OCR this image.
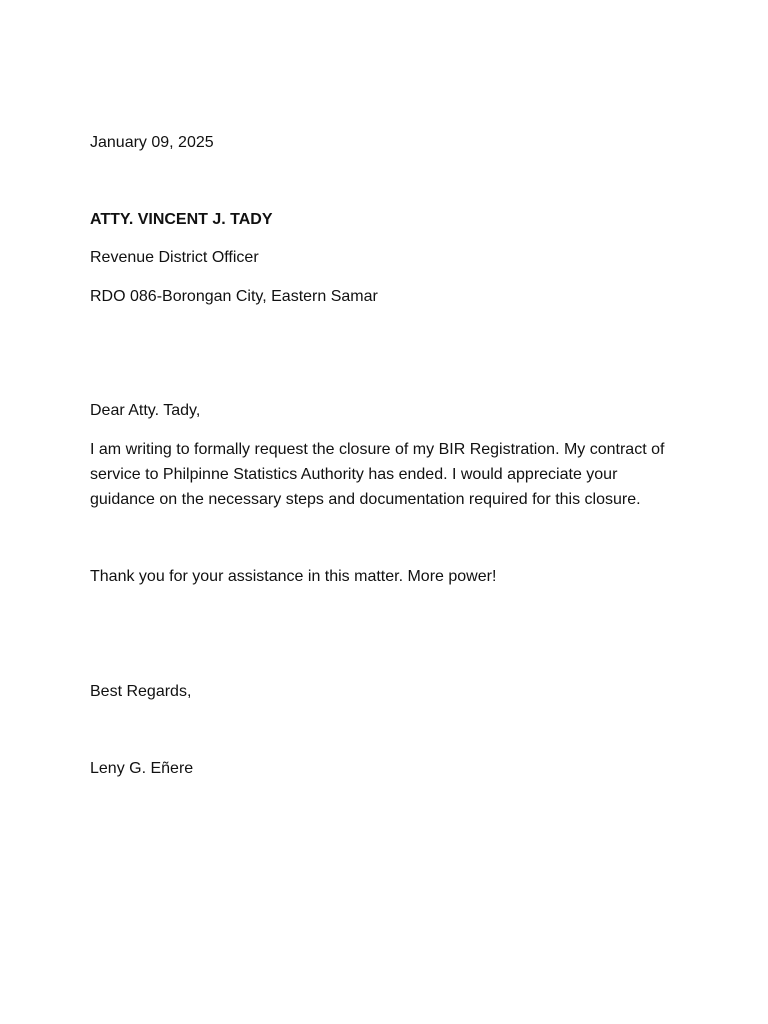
January 09, 2025
ATTY. VINCENT J. TADY
Revenue District Officer
RDO 086-Borongan City, Eastern Samar
Dear Atty. Tady,
I am writing to formally request the closure of my BIR Registration. My contract of
service to Philpinne Statistics Authority has ended. I would appreciate your
guidance on the necessary steps and documentation required for this closure.
Thank you for your assistance in this matter. More power!
Best Regards,
Leny G. Eñere
